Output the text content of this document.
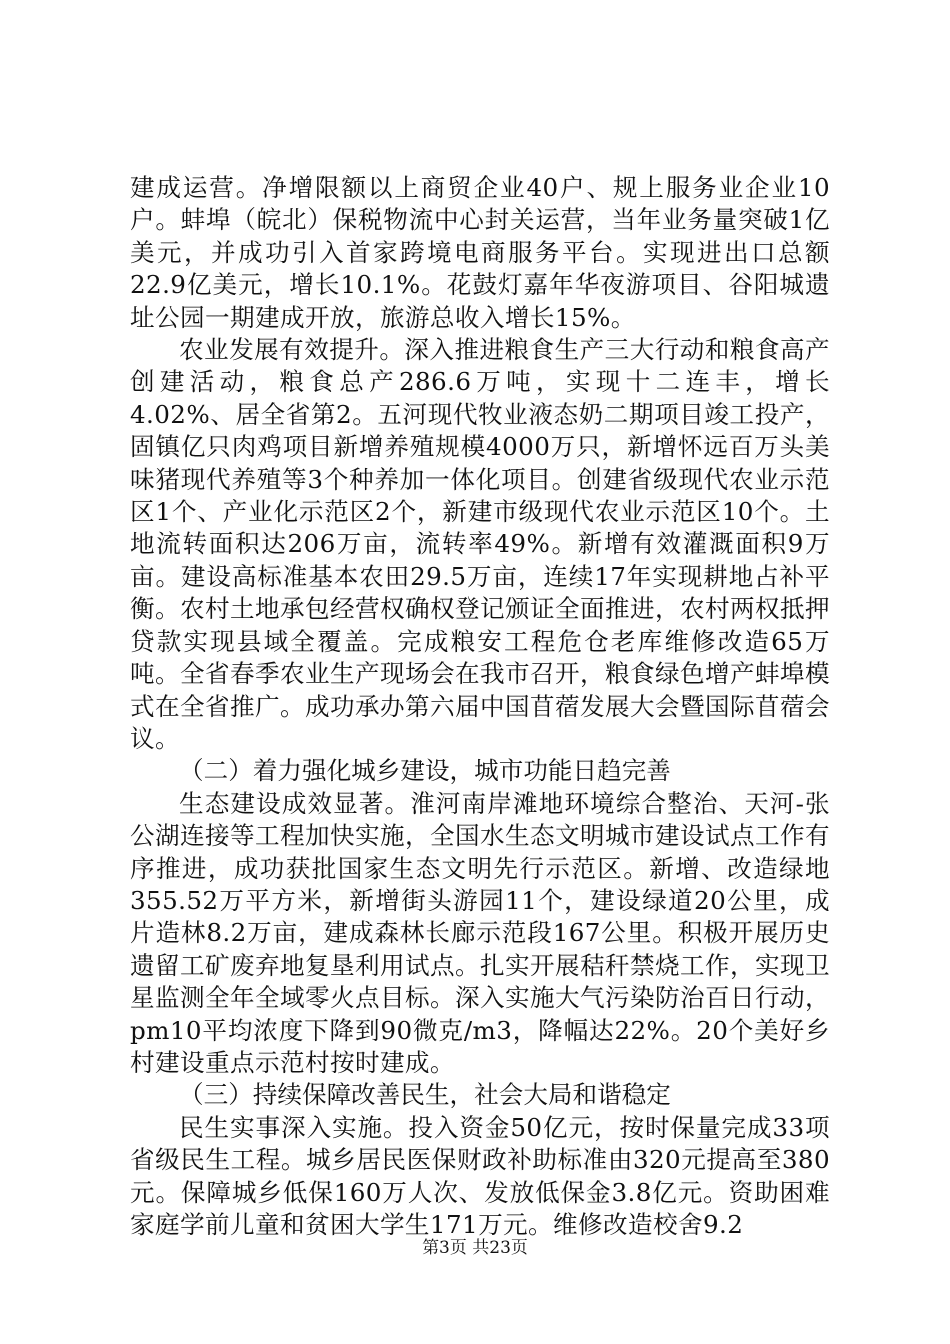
建成运营。净增限额以上商贸企业40户、规上服务业企业10户。蚌埠（皖北）保税物流中心封关运营，当年业务量突破1亿美元，并成功引入首家跨境电商服务平台。实现进出口总额22.9亿美元，增长10.1%。花鼓灯嘉年华夜游项目、谷阳城遗址公园一期建成开放，旅游总收入增长15%。

农业发展有效提升。深入推进粮食生产三大行动和粮食高产创建活动，粮食总产286.6万吨，实现十二连丰，增长4.02%、居全省第2。五河现代牧业液态奶二期项目竣工投产，固镇亿只肉鸡项目新增养殖规模4000万只，新增怀远百万头美味猪现代养殖等3个种养加一体化项目。创建省级现代农业示范区1个、产业化示范区2个，新建市级现代农业示范区10个。土地流转面积达206万亩，流转率49%。新增有效灌溉面积9万亩。建设高标准基本农田29.5万亩，连续17年实现耕地占补平衡。农村土地承包经营权确权登记颁证全面推进，农村两权抵押贷款实现县域全覆盖。完成粮安工程危仓老库维修改造65万吨。全省春季农业生产现场会在我市召开，粮食绿色增产蚌埠模式在全省推广。成功承办第六届中国苜蓿发展大会暨国际苜蓿会议。

（二）着力强化城乡建设，城市功能日趋完善

生态建设成效显著。淮河南岸滩地环境综合整治、天河-张公湖连接等工程加快实施，全国水生态文明城市建设试点工作有序推进，成功获批国家生态文明先行示范区。新增、改造绿地355.52万平方米，新增街头游园11个，建设绿道20公里，成片造林8.2万亩，建成森林长廊示范段167公里。积极开展历史遗留工矿废弃地复垦利用试点。扎实开展秸秆禁烧工作，实现卫星监测全年全域零火点目标。深入实施大气污染防治百日行动，pm10平均浓度下降到90微克/m3，降幅达22%。20个美好乡村建设重点示范村按时建成。

（三）持续保障改善民生，社会大局和谐稳定

民生实事深入实施。投入资金50亿元，按时保量完成33项省级民生工程。城乡居民医保财政补助标准由320元提高至380元。保障城乡低保160万人次、发放低保金3.8亿元。资助困难家庭学前儿童和贫困大学生171万元。维修改造校舍9.2

第3页 共23页
